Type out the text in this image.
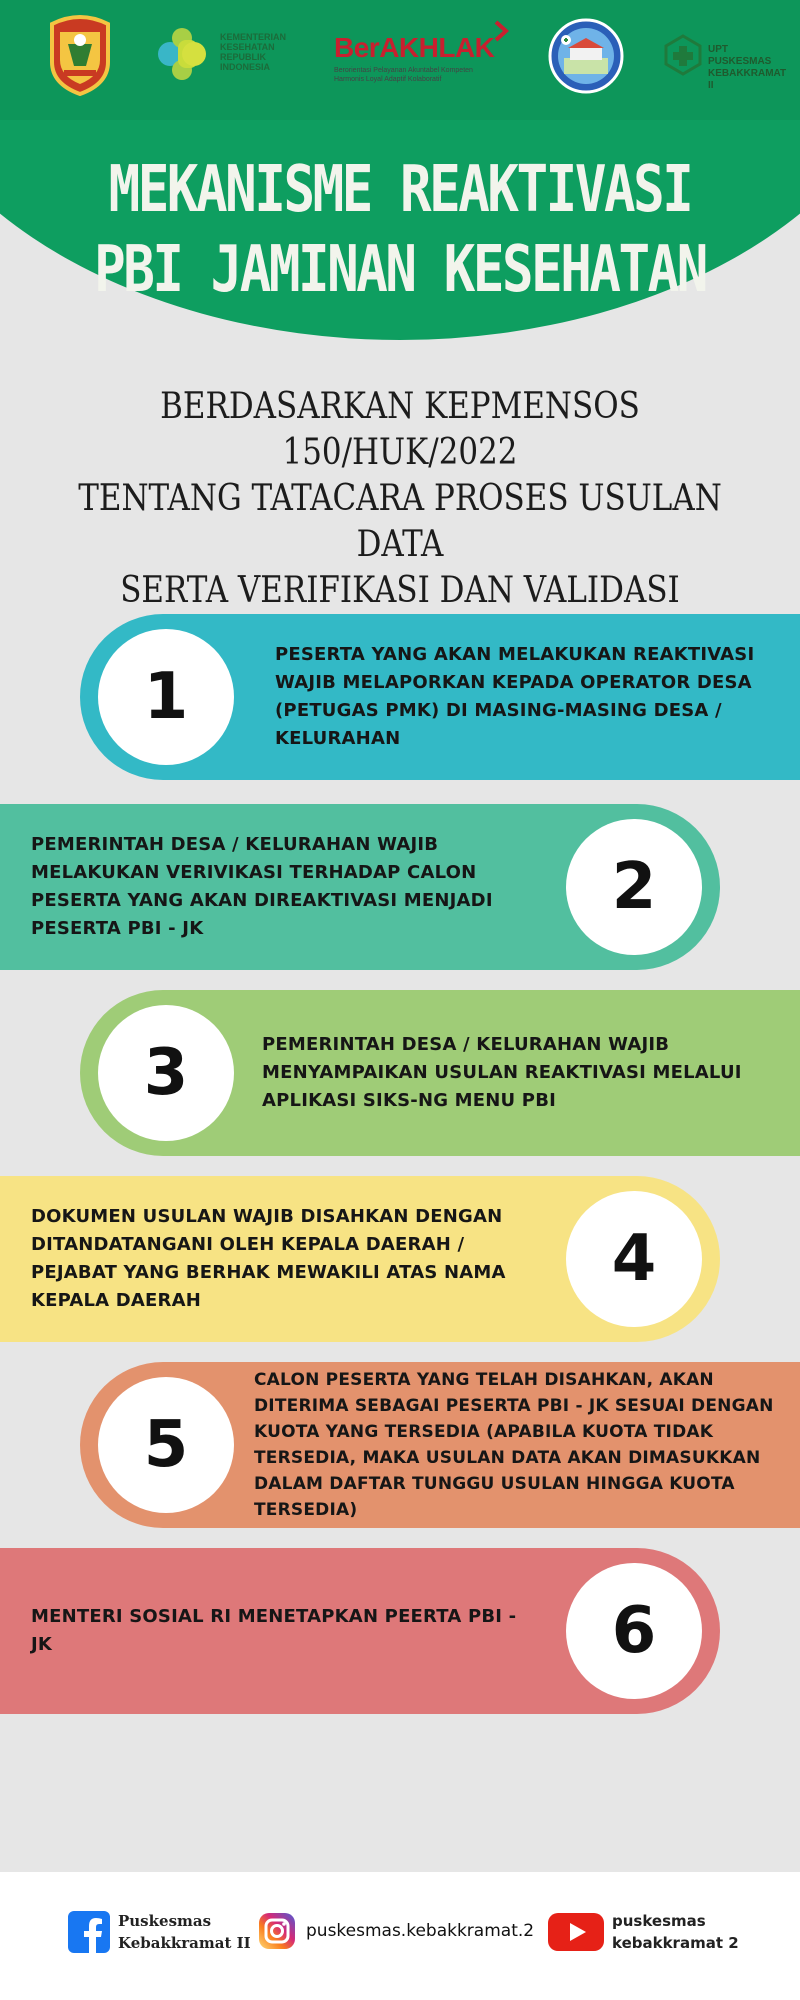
KEMENTERIAN
KESEHATAN
REPUBLIK
INDONESIA
BerAKHLAK
Berorientasi Pelayanan Akuntabel Kompeten
Harmonis Loyal Adaptif Kolaboratif
UPT PUSKESMAS
KEBAKKRAMAT II
MEKANISME REAKTIVASI
PBI JAMINAN KESEHATAN
BERDASARKAN KEPMENSOS 150/HUK/2022
TENTANG TATACARA PROSES USULAN DATA
SERTA VERIFIKASI DAN VALIDASI
1
PESERTA YANG AKAN MELAKUKAN REAKTIVASI WAJIB MELAPORKAN KEPADA OPERATOR DESA (PETUGAS PMK) DI MASING-MASING DESA / KELURAHAN
PEMERINTAH DESA / KELURAHAN WAJIB MELAKUKAN VERIVIKASI TERHADAP CALON PESERTA YANG AKAN DIREAKTIVASI MENJADI PESERTA PBI - JK
2
3	PEMERINTAH DESA / KELURAHAN WAJIB MENYAMPAIKAN USULAN REAKTIVASI MELALUI APLIKASI SIKS-NG MENU PBI
DOKUMEN USULAN WAJIB DISAHKAN DENGAN DITANDATANGANI OLEH KEPALA DAERAH / PEJABAT YANG BERHAK MEWAKILI ATAS NAMA KEPALA DAERAH
4
5
CALON PESERTA YANG TELAH DISAHKAN, AKAN DITERIMA SEBAGAI PESERTA PBI - JK SESUAI DENGAN KUOTA YANG TERSEDIA (APABILA KUOTA TIDAK TERSEDIA, MAKA USULAN DATA AKAN DIMASUKKAN DALAM DAFTAR TUNGGU USULAN HINGGA KUOTA TERSEDIA)
MENTERI SOSIAL RI MENETAPKAN PEERTA PBI - JK	6
Puskesmas
Kebakkramat II
puskesmas.kebakkramat.2	puskesmas
kebakkramat 2
